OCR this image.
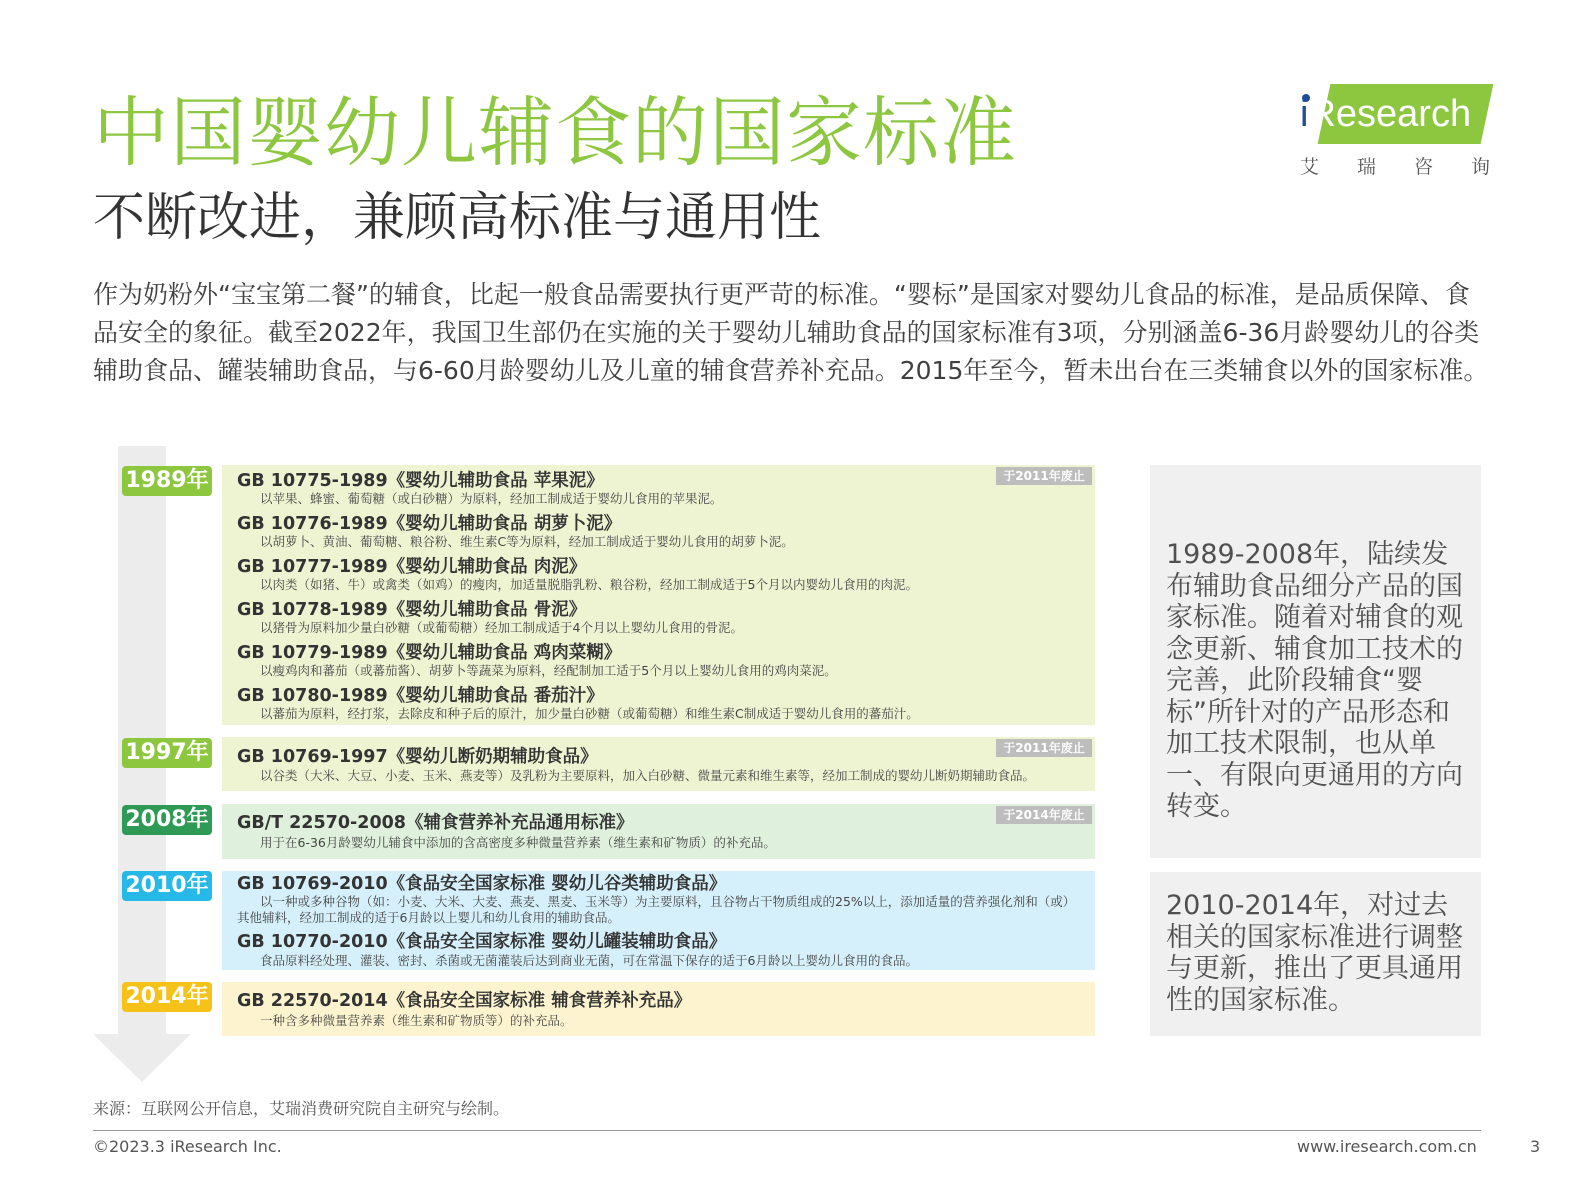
中国婴幼儿辅食的国家标准
不断改进，兼顾高标准与通用性
iResearch
艾 瑞 咨 询
作为奶粉外“宝宝第二餐”的辅食，比起一般食品需要执行更严苛的标准。“婴标”是国家对婴幼儿食品的标准，是品质保障、食品安全的象征。截至2022年，我国卫生部仍在实施的关于婴幼儿辅助食品的国家标准有3项，分别涵盖6-36月龄婴幼儿的谷类辅助食品、罐装辅助食品，与6-60月龄婴幼儿及儿童的辅食营养补充品。2015年至今，暂未出台在三类辅食以外的国家标准。
1989年	于2011年废止
GB 10775-1989《婴幼儿辅助食品 苹果泥》
以苹果、蜂蜜、葡萄糖（或白砂糖）为原料，经加工制成适于婴幼儿食用的苹果泥。
GB 10776-1989《婴幼儿辅助食品 胡萝卜泥》
以胡萝卜、黄油、葡萄糖、粮谷粉、维生素C等为原料，经加工制成适于婴幼儿食用的胡萝卜泥。
GB 10777-1989《婴幼儿辅助食品 肉泥》
以肉类（如猪、牛）或禽类（如鸡）的瘦肉，加适量脱脂乳粉、粮谷粉，经加工制成适于5个月以内婴幼儿食用的肉泥。
GB 10778-1989《婴幼儿辅助食品 骨泥》
以猪骨为原料加少量白砂糖（或葡萄糖）经加工制成适于4个月以上婴幼儿食用的骨泥。
GB 10779-1989《婴幼儿辅助食品 鸡肉菜糊》
以瘦鸡肉和蕃茄（或蕃茄酱）、胡萝卜等蔬菜为原料，经配制加工适于5个月以上婴幼儿食用的鸡肉菜泥。
GB 10780-1989《婴幼儿辅助食品 番茄汁》
以蕃茄为原料，经打浆，去除皮和种子后的原汁，加少量白砂糖（或葡萄糖）和维生素C制成适于婴幼儿食用的蕃茄汁。
1997年	于2011年废止
GB 10769-1997《婴幼儿断奶期辅助食品》
以谷类（大米、大豆、小麦、玉米、燕麦等）及乳粉为主要原料，加入白砂糖、微量元素和维生素等，经加工制成的婴幼儿断奶期辅助食品。
2008年	于2014年废止
GB/T 22570-2008《辅食营养补充品通用标准》
用于在6-36月龄婴幼儿辅食中添加的含高密度多种微量营养素（维生素和矿物质）的补充品。
2010年 GB 10769-2010《食品安全国家标准 婴幼儿谷类辅助食品》
以一种或多种谷物（如：小麦、大米、大麦、燕麦、黑麦、玉米等）为主要原料，且谷物占干物质组成的25%以上，添加适量的营养强化剂和（或）其他辅料，经加工制成的适于6月龄以上婴儿和幼儿食用的辅助食品。
GB 10770-2010《食品安全国家标准 婴幼儿罐装辅助食品》
食品原料经处理、灌装、密封、杀菌或无菌灌装后达到商业无菌，可在常温下保存的适于6月龄以上婴幼儿食用的食品。
2014年 GB 22570-2014《食品安全国家标准 辅食营养补充品》
一种含多种微量营养素（维生素和矿物质等）的补充品。
1989-2008年，陆续发布辅助食品细分产品的国家标准。随着对辅食的观念更新、辅食加工技术的完善，此阶段辅食“婴标”所针对的产品形态和加工技术限制，也从单一、有限向更通用的方向转变。
2010-2014年，对过去相关的国家标准进行调整与更新，推出了更具通用性的国家标准。
来源：互联网公开信息，艾瑞消费研究院自主研究与绘制。
©2023.3 iResearch Inc.	www.iresearch.com.cn	3
